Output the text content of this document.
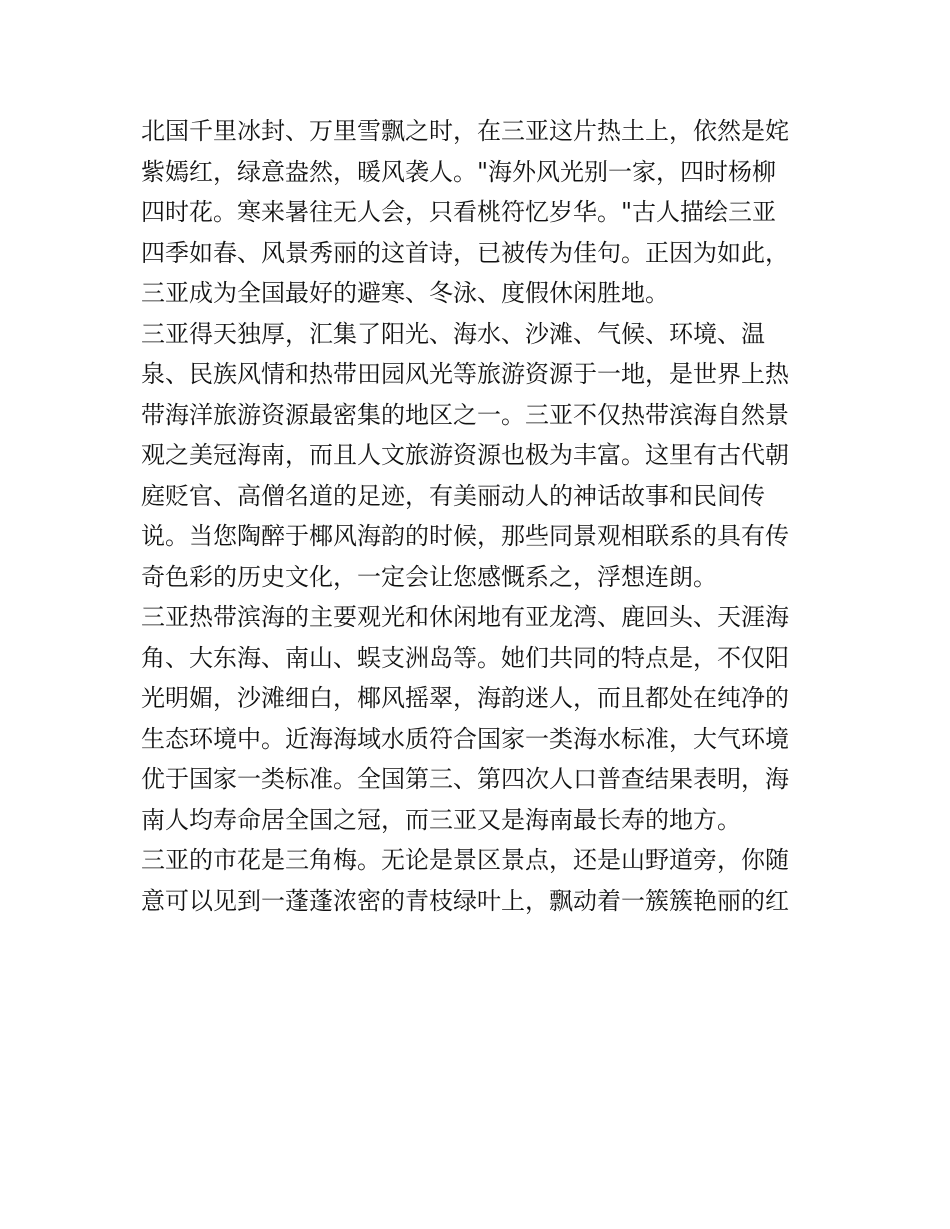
北国千里冰封、万里雪飘之时，在三亚这片热土上，依然是姹
紫嫣红，绿意盎然，暖风袭人。"海外风光别一家，四时杨柳
四时花。寒来暑往无人会，只看桃符忆岁华。"古人描绘三亚
四季如春、风景秀丽的这首诗，已被传为佳句。正因为如此，
三亚成为全国最好的避寒、冬泳、度假休闲胜地。
三亚得天独厚，汇集了阳光、海水、沙滩、气候、环境、温
泉、民族风情和热带田园风光等旅游资源于一地，是世界上热
带海洋旅游资源最密集的地区之一。三亚不仅热带滨海自然景
观之美冠海南，而且人文旅游资源也极为丰富。这里有古代朝
庭贬官、高僧名道的足迹，有美丽动人的神话故事和民间传
说。当您陶醉于椰风海韵的时候，那些同景观相联系的具有传
奇色彩的历史文化，一定会让您感慨系之，浮想连朗。
三亚热带滨海的主要观光和休闲地有亚龙湾、鹿回头、天涯海
角、大东海、南山、蜈支洲岛等。她们共同的特点是，不仅阳
光明媚，沙滩细白，椰风摇翠，海韵迷人，而且都处在纯净的
生态环境中。近海海域水质符合国家一类海水标准，大气环境
优于国家一类标准。全国第三、第四次人口普查结果表明，海
南人均寿命居全国之冠，而三亚又是海南最长寿的地方。
三亚的市花是三角梅。无论是景区景点，还是山野道旁，你随
意可以见到一蓬蓬浓密的青枝绿叶上，飘动着一簇簇艳丽的红
